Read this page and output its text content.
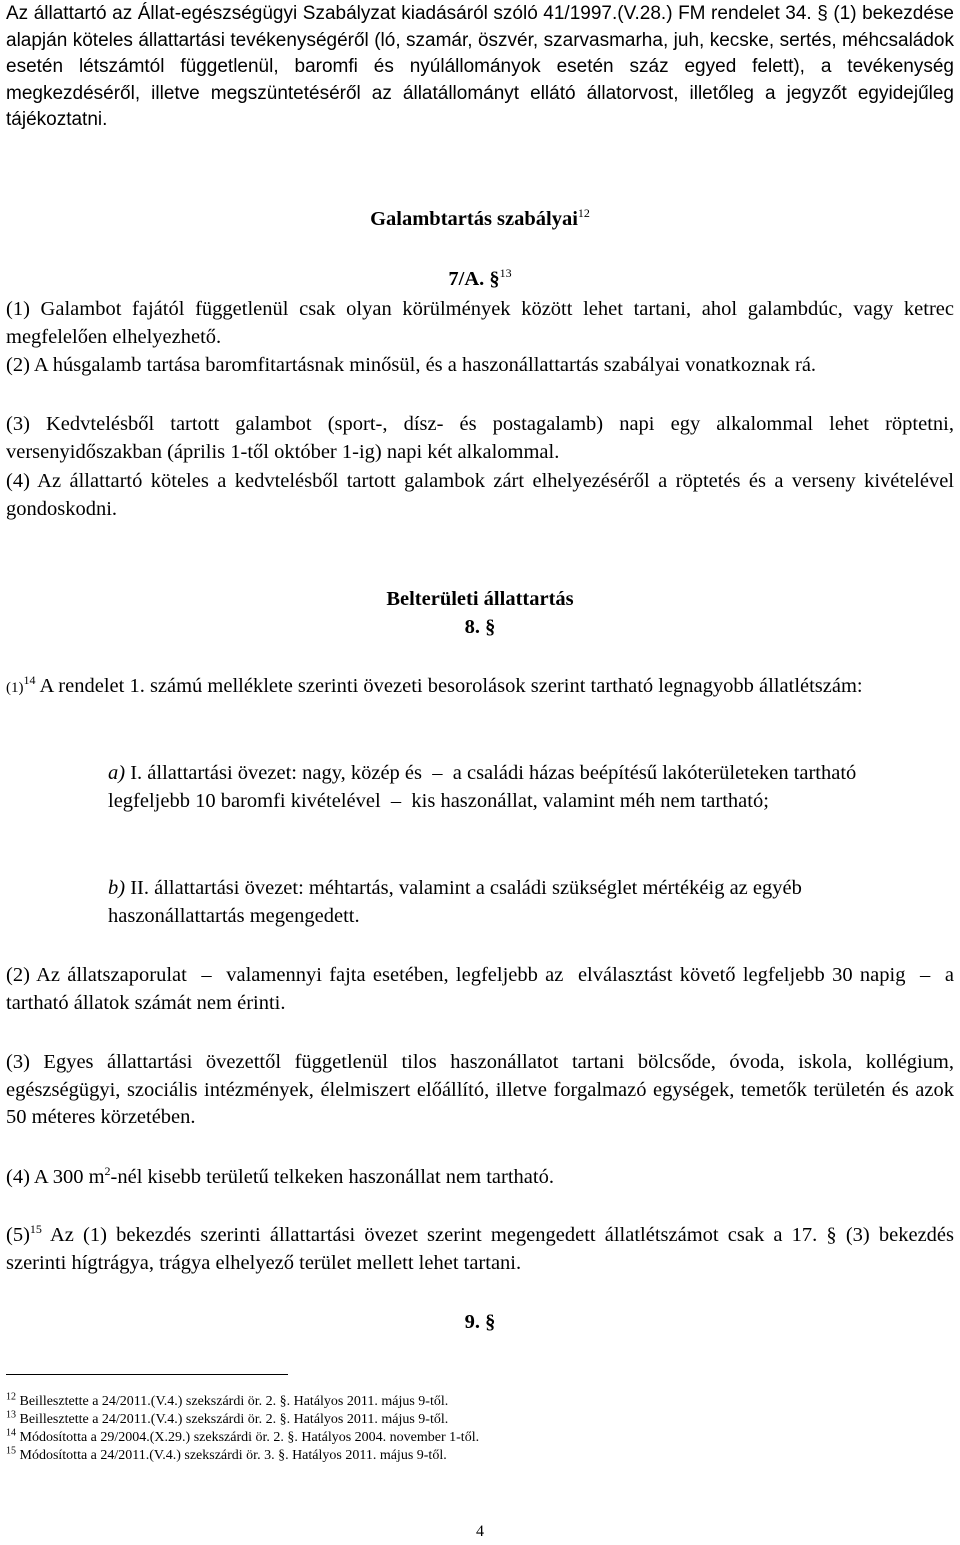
Az állattartó az Állat-egészségügyi Szabályzat kiadásáról szóló 41/1997.(V.28.) FM rendelet 34. § (1) bekezdése alapján köteles állattartási tevékenységéről (ló, szamár, öszvér, szarvasmarha, juh, kecske, sertés, méhcsaládok esetén létszámtól függetlenül, baromfi és nyúlállományok esetén száz egyed felett), a tevékenység megkezdéséről, illetve megszüntetéséről az állatállományt ellátó állatorvost, illetőleg a jegyzőt egyidejűleg tájékoztatni.

Galambtartás szabályai$^{12}$

7/A. §$^{13}$

(1) Galambot fajától függetlenül csak olyan körülmények között lehet tartani, ahol galambdúc, vagy ketrec megfelelően elhelyezhető.

(2) A húsgalamb tartása baromfitartásnak minősül, és a haszonállattartás szabályai vonatkoznak rá.

(3) Kedvtelésből tartott galambot (sport-, dísz- és postagalamb) napi egy alkalommal lehet röptetni, versenyidőszakban (április 1-től október 1-ig) napi két alkalommal.

(4) Az állattartó köteles a kedvtelésből tartott galambok zárt elhelyezéséről a röptetés és a verseny kivételével gondoskodni.

Belterületi állattartás

8. §

$(1)^{14}$ A rendelet 1. számú melléklete szerinti övezeti besorolások szerint tartható legnagyobb állatlétszám:

a) I. állattartási övezet: nagy, közép és  –  a családi házas beépítésű lakóterületeken tartható legfeljebb 10 baromfi kivételével  –  kis haszonállat, valamint méh nem tartható;

b) II. állattartási övezet: méhtartás, valamint a családi szükséglet mértékéig az egyéb haszonállattartás megengedett.

(2) Az állatszaporulat  –  valamennyi fajta esetében, legfeljebb az  elválasztást követő legfeljebb 30 napig  –  a tartható állatok számát nem érinti.

(3) Egyes állattartási övezettől függetlenül tilos haszonállatot tartani bölcsőde, óvoda, iskola, kollégium, egészségügyi, szociális intézmények, élelmiszert előállító, illetve forgalmazó egységek, temetők területén és azok 50 méteres körzetében.

(4) A 300 $m^2$-nél kisebb területű telkeken haszonállat nem tartható.

$(5)^{15}$ Az (1) bekezdés szerinti állattartási övezet szerint megengedett állatlétszámot csak a 17. § (3) bekezdés szerinti hígtrágya, trágya elhelyező terület mellett lehet tartani.

9. §

$^{12}$ Beillesztette a 24/2011.(V.4.) szekszárdi ör. 2. §. Hatályos 2011. május 9-től.

$^{13}$ Beillesztette a 24/2011.(V.4.) szekszárdi ör. 2. §. Hatályos 2011. május 9-től.

$^{14}$ Módosította a 29/2004.(X.29.) szekszárdi ör. 2. §. Hatályos 2004. november 1-től.

$^{15}$ Módosította a 24/2011.(V.4.) szekszárdi ör. 3. §. Hatályos 2011. május 9-től.

4
